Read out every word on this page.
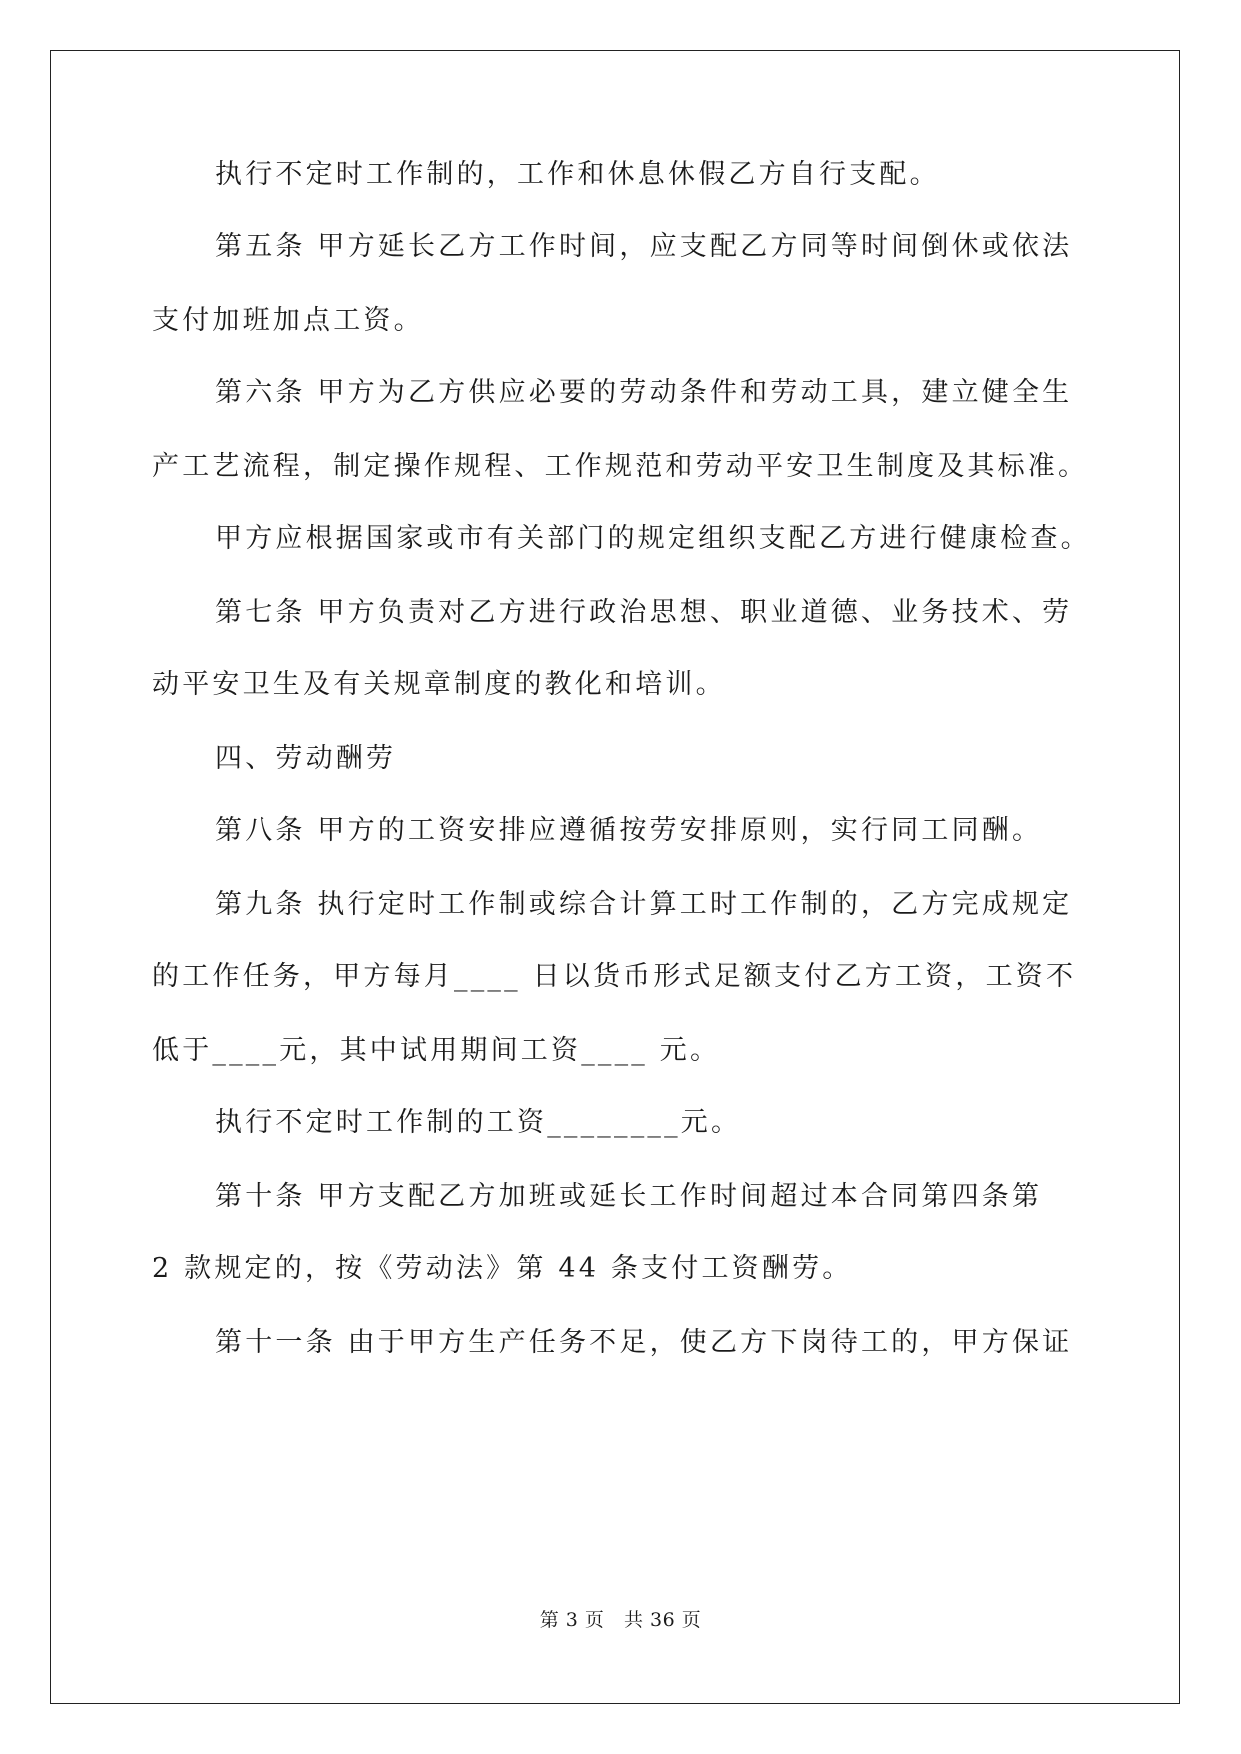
执行不定时工作制的，工作和休息休假乙方自行支配。
第五条 甲方延长乙方工作时间，应支配乙方同等时间倒休或依法
支付加班加点工资。
第六条 甲方为乙方供应必要的劳动条件和劳动工具，建立健全生
产工艺流程，制定操作规程、工作规范和劳动平安卫生制度及其标准。
甲方应根据国家或市有关部门的规定组织支配乙方进行健康检查。
第七条 甲方负责对乙方进行政治思想、职业道德、业务技术、劳
动平安卫生及有关规章制度的教化和培训。
四、劳动酬劳
第八条 甲方的工资安排应遵循按劳安排原则，实行同工同酬。
第九条 执行定时工作制或综合计算工时工作制的，乙方完成规定
的工作任务，甲方每月____ 日以货币形式足额支付乙方工资，工资不
低于____元，其中试用期间工资____ 元。
执行不定时工作制的工资________元。
第十条 甲方支配乙方加班或延长工作时间超过本合同第四条第
2 款规定的，按《劳动法》第 44 条支付工资酬劳。
第十一条 由于甲方生产任务不足，使乙方下岗待工的，甲方保证
第 3 页 共 36 页
